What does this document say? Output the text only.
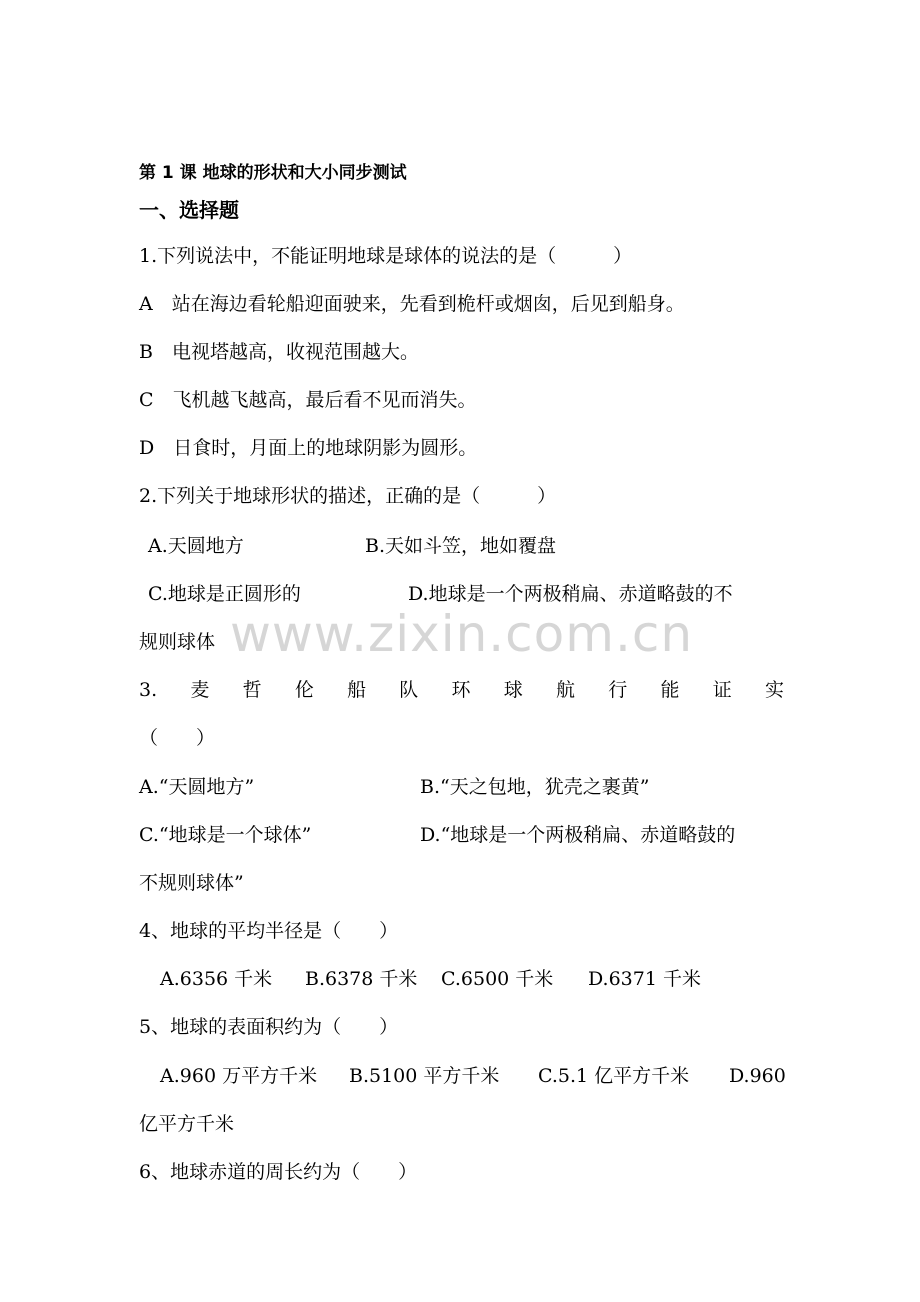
www.zixin.com.cn
第 1 课 地球的形状和大小同步测试
一、选择题
1.下列说法中，不能证明地球是球体的说法的是（　　　）
A　站在海边看轮船迎面驶来，先看到桅杆或烟囱，后见到船身。
B　电视塔越高，收视范围越大。
C　飞机越飞越高，最后看不见而消失。
D　日食时，月面上的地球阴影为圆形。
2.下列关于地球形状的描述，正确的是（　　　）
A.天圆地方	B.天如斗笠，地如覆盘
C.地球是正圆形的	D.地球是一个两极稍扁、赤道略鼓的不
规则球体
3. 麦 哲 伦 船 队 环 球 航 行 能 证 实
（　　）
A.“天圆地方”	B.“天之包地，犹壳之裹黄”
C.“地球是一个球体”	D.“地球是一个两极稍扁、赤道略鼓的
不规则球体”
4、地球的平均半径是（　　）
A.6356 千米 B.6378 千米 C.6500 千米 D.6371 千米
5、地球的表面积约为（　　）
A.960 万平方千米 B.5100 平方千米 C.5.1 亿平方千米 D.960
亿平方千米
6、地球赤道的周长约为（　　）
